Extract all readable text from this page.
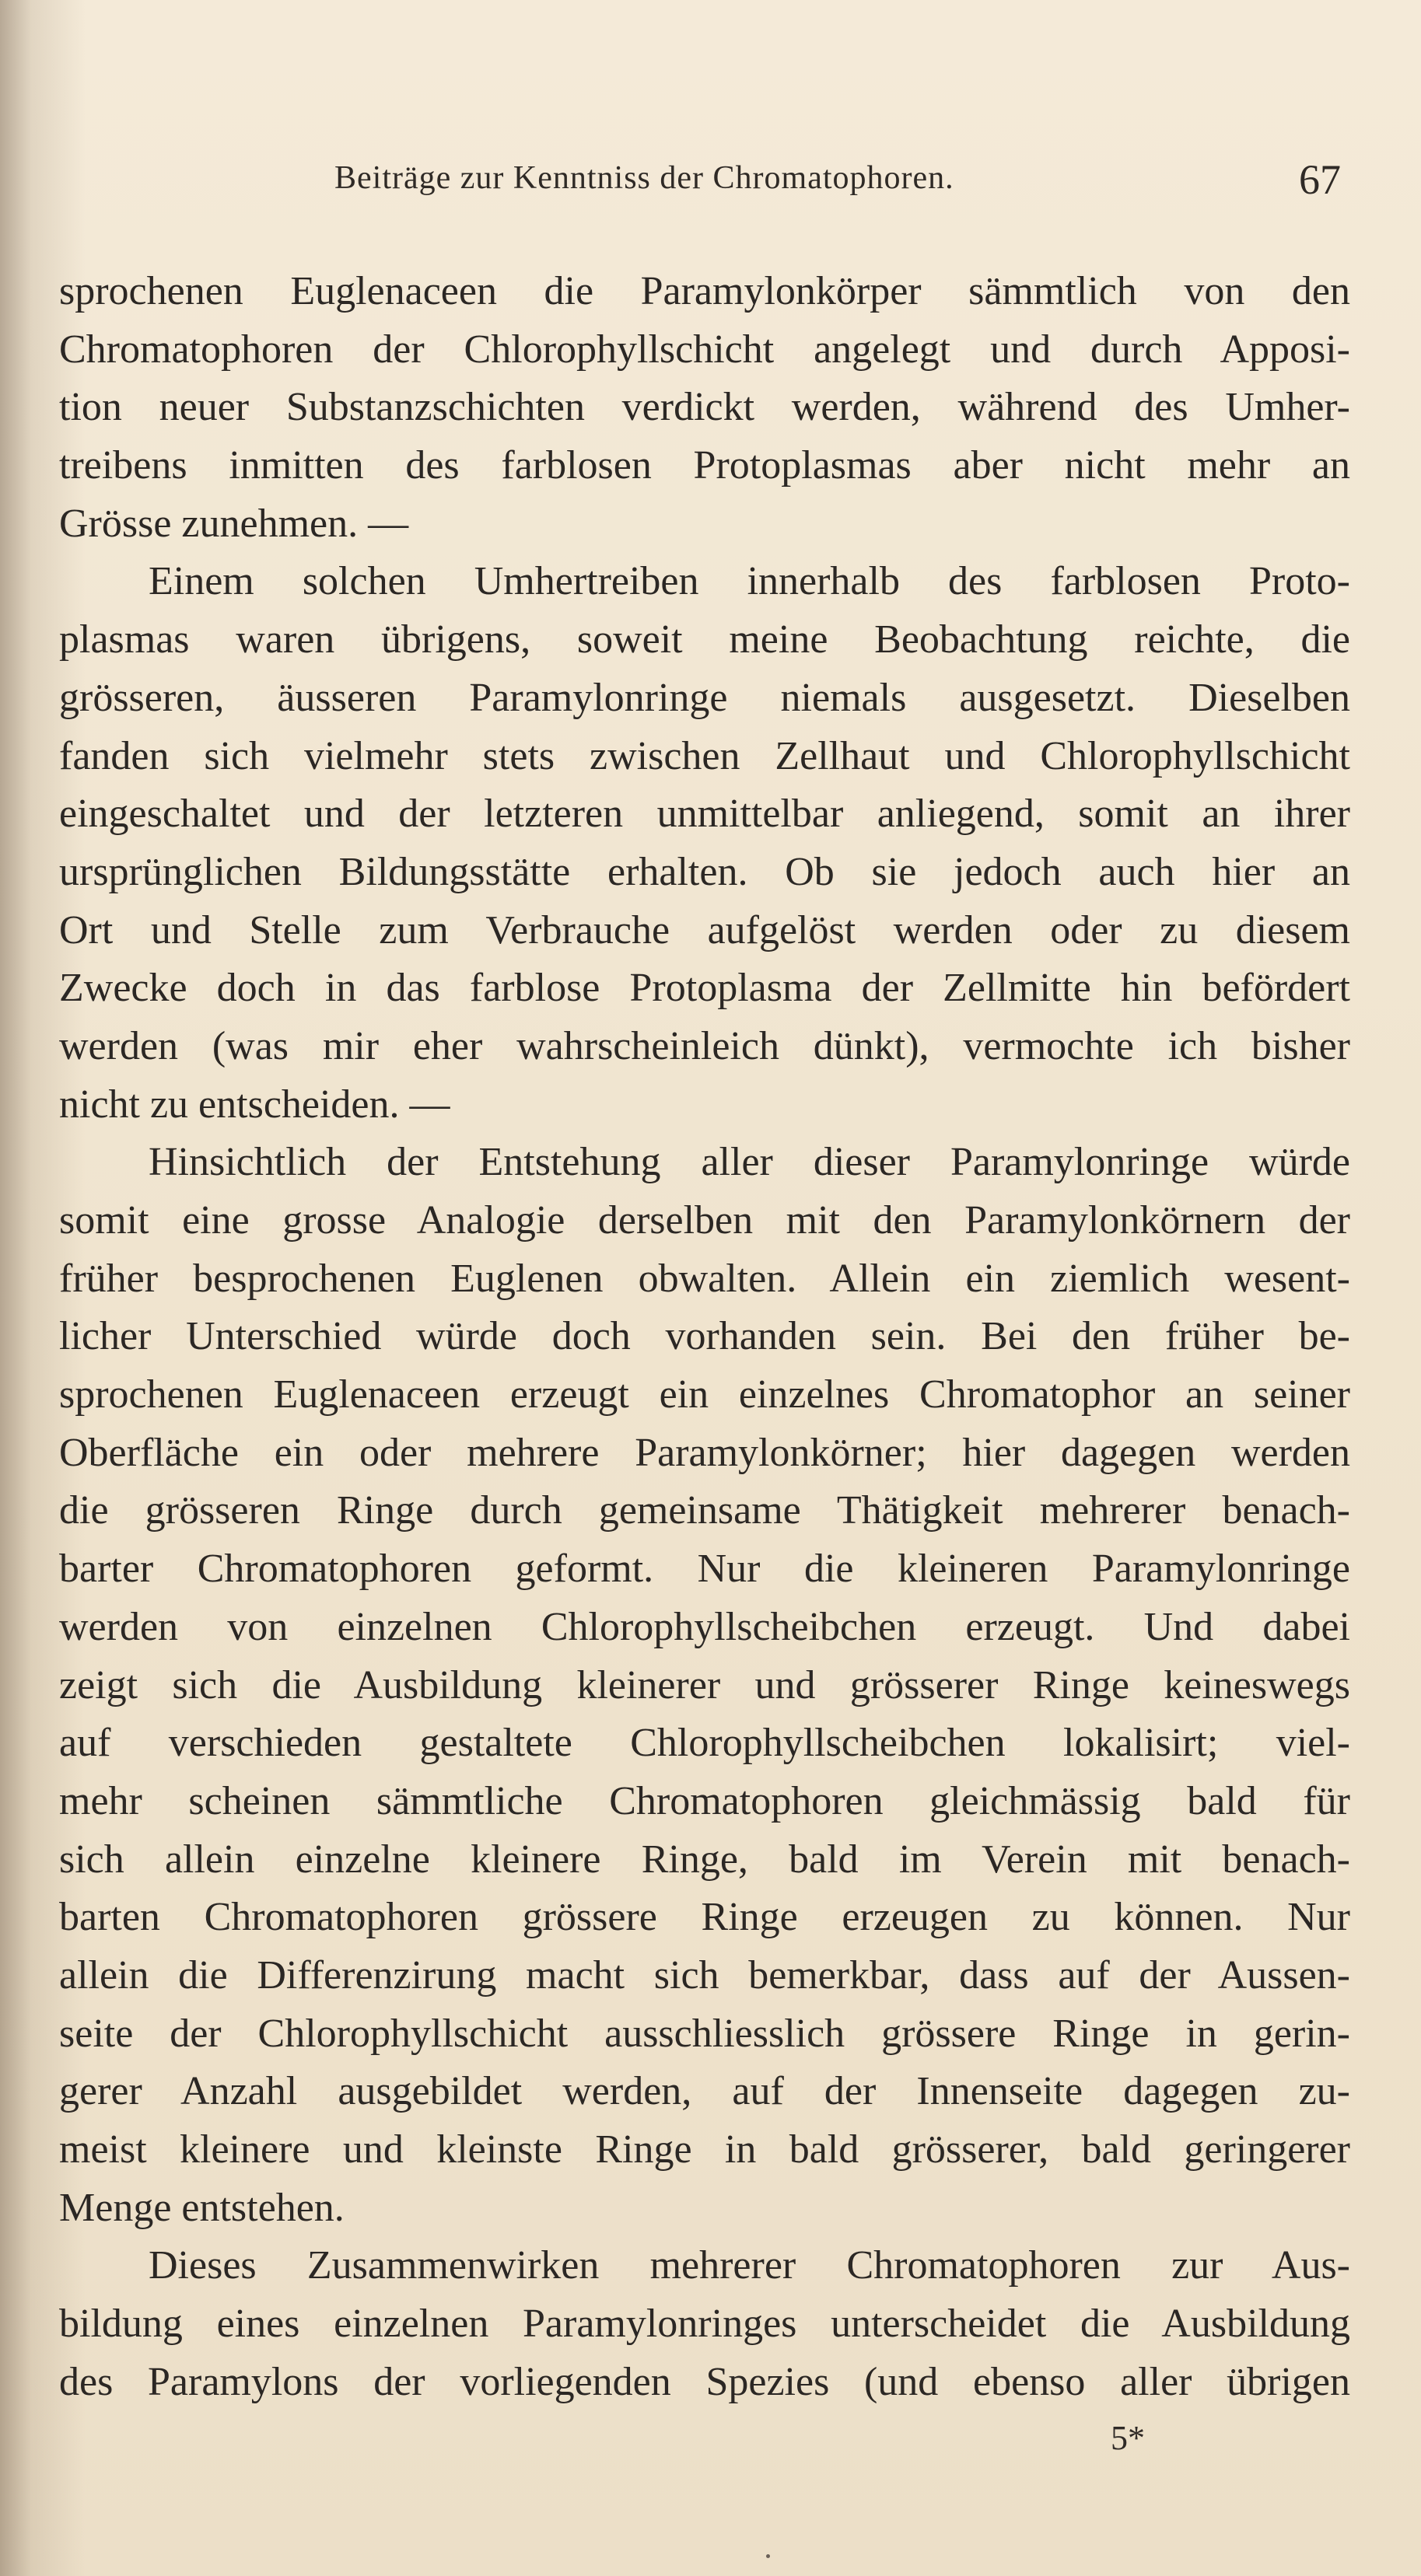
Beiträge zur Kenntniss der Chromatophoren.	67
sprochenen Euglenaceen die Paramylonkörper sämmtlich von den
Chromatophoren der Chlorophyllschicht angelegt und durch Apposi-
tion neuer Substanzschichten verdickt werden, während des Umher-
treibens inmitten des farblosen Protoplasmas aber nicht mehr an
Grösse zunehmen. —
Einem solchen Umhertreiben innerhalb des farblosen Proto-
plasmas waren übrigens, soweit meine Beobachtung reichte, die
grösseren, äusseren Paramylonringe niemals ausgesetzt. Dieselben
fanden sich vielmehr stets zwischen Zellhaut und Chlorophyllschicht
eingeschaltet und der letzteren unmittelbar anliegend, somit an ihrer
ursprünglichen Bildungsstätte erhalten. Ob sie jedoch auch hier an
Ort und Stelle zum Verbrauche aufgelöst werden oder zu diesem
Zwecke doch in das farblose Protoplasma der Zellmitte hin befördert
werden (was mir eher wahrscheinleich dünkt), vermochte ich bisher
nicht zu entscheiden. —
Hinsichtlich der Entstehung aller dieser Paramylonringe würde
somit eine grosse Analogie derselben mit den Paramylonkörnern der
früher besprochenen Euglenen obwalten. Allein ein ziemlich wesent-
licher Unterschied würde doch vorhanden sein. Bei den früher be-
sprochenen Euglenaceen erzeugt ein einzelnes Chromatophor an seiner
Oberfläche ein oder mehrere Paramylonkörner; hier dagegen werden
die grösseren Ringe durch gemeinsame Thätigkeit mehrerer benach-
barter Chromatophoren geformt. Nur die kleineren Paramylonringe
werden von einzelnen Chlorophyllscheibchen erzeugt. Und dabei
zeigt sich die Ausbildung kleinerer und grösserer Ringe keineswegs
auf verschieden gestaltete Chlorophyllscheibchen lokalisirt; viel-
mehr scheinen sämmtliche Chromatophoren gleichmässig bald für
sich allein einzelne kleinere Ringe, bald im Verein mit benach-
barten Chromatophoren grössere Ringe erzeugen zu können. Nur
allein die Differenzirung macht sich bemerkbar, dass auf der Aussen-
seite der Chlorophyllschicht ausschliesslich grössere Ringe in gerin-
gerer Anzahl ausgebildet werden, auf der Innenseite dagegen zu-
meist kleinere und kleinste Ringe in bald grösserer, bald geringerer
Menge entstehen.
Dieses Zusammenwirken mehrerer Chromatophoren zur Aus-
bildung eines einzelnen Paramylonringes unterscheidet die Ausbildung
des Paramylons der vorliegenden Spezies (und ebenso aller übrigen
5*
